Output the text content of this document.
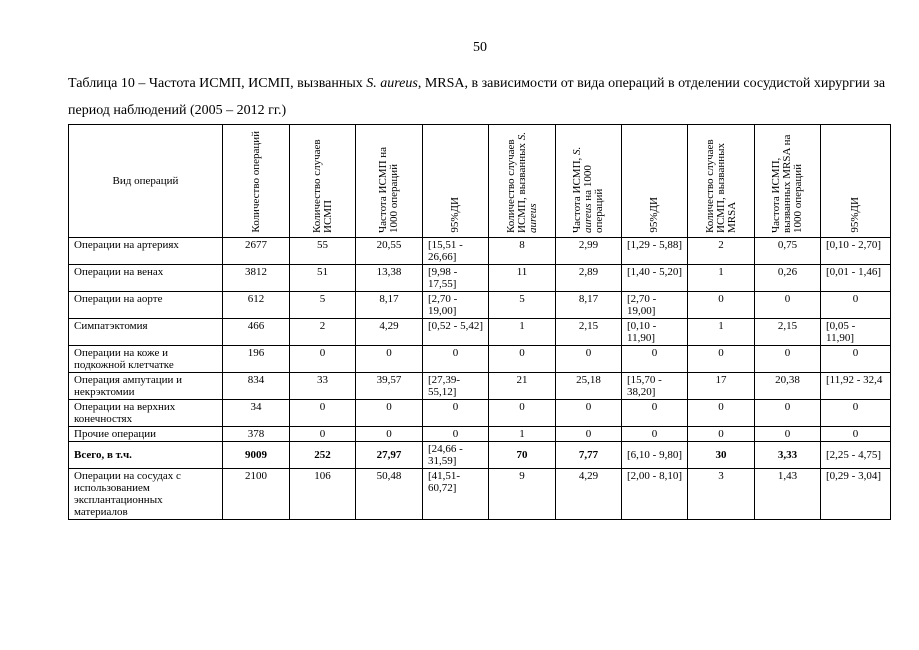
50
Таблица 10 – Частота ИСМП, ИСМП, вызванных S. aureus, MRSA, в зависимости от вида операций в отделении сосудистой хирургии за период наблюдений (2005 – 2012 гг.)
Вид операций	Количество операций	Количество случаев ИСМП	Частота ИСМП на 1000 операций	95%ДИ	Количество случаев ИСМП, вызванных S. aureus	Частота ИСМП, S. aureus на 1000 операций	95%ДИ	Количество случаев ИСМП, вызванных MRSA	Частота ИСМП, вызванных MRSA на 1000 операций	95%ДИ

Операции на артериях	2677	55	20,55	[15,51 - 26,66]	8	2,99	[1,29 - 5,88]	2	0,75	[0,10 - 2,70]
Операции на венах	3812	51	13,38	[9,98 - 17,55]	11	2,89	[1,40 - 5,20]	1	0,26	[0,01 - 1,46]
Операции на аорте	612	5	8,17	[2,70 - 19,00]	5	8,17	[2,70 - 19,00]	0	0	0
Симпатэктомия	466	2	4,29	[0,52 - 5,42]	1	2,15	[0,10 - 11,90]	1	2,15	[0,05 - 11,90]
Операции на коже и подкожной клетчатке	196	0	0	0	0	0	0	0	0	0
Операция ампутации и некрэктомии	834	33	39,57	[27,39- 55,12]	21	25,18	[15,70 - 38,20]	17	20,38	[11,92 - 32,4
Операции на верхних конечностях	34	0	0	0	0	0	0	0	0	0
Прочие операции	378	0	0	0	1	0	0	0	0	0
Всего, в т.ч.	9009	252	27,97	[24,66 - 31,59]	70	7,77	[6,10 - 9,80]	30	3,33	[2,25 - 4,75]
Операции на сосудах с использованием эксплантационных материалов	2100	106	50,48	[41,51- 60,72]	9	4,29	[2,00 - 8,10]	3	1,43	[0,29 - 3,04]
